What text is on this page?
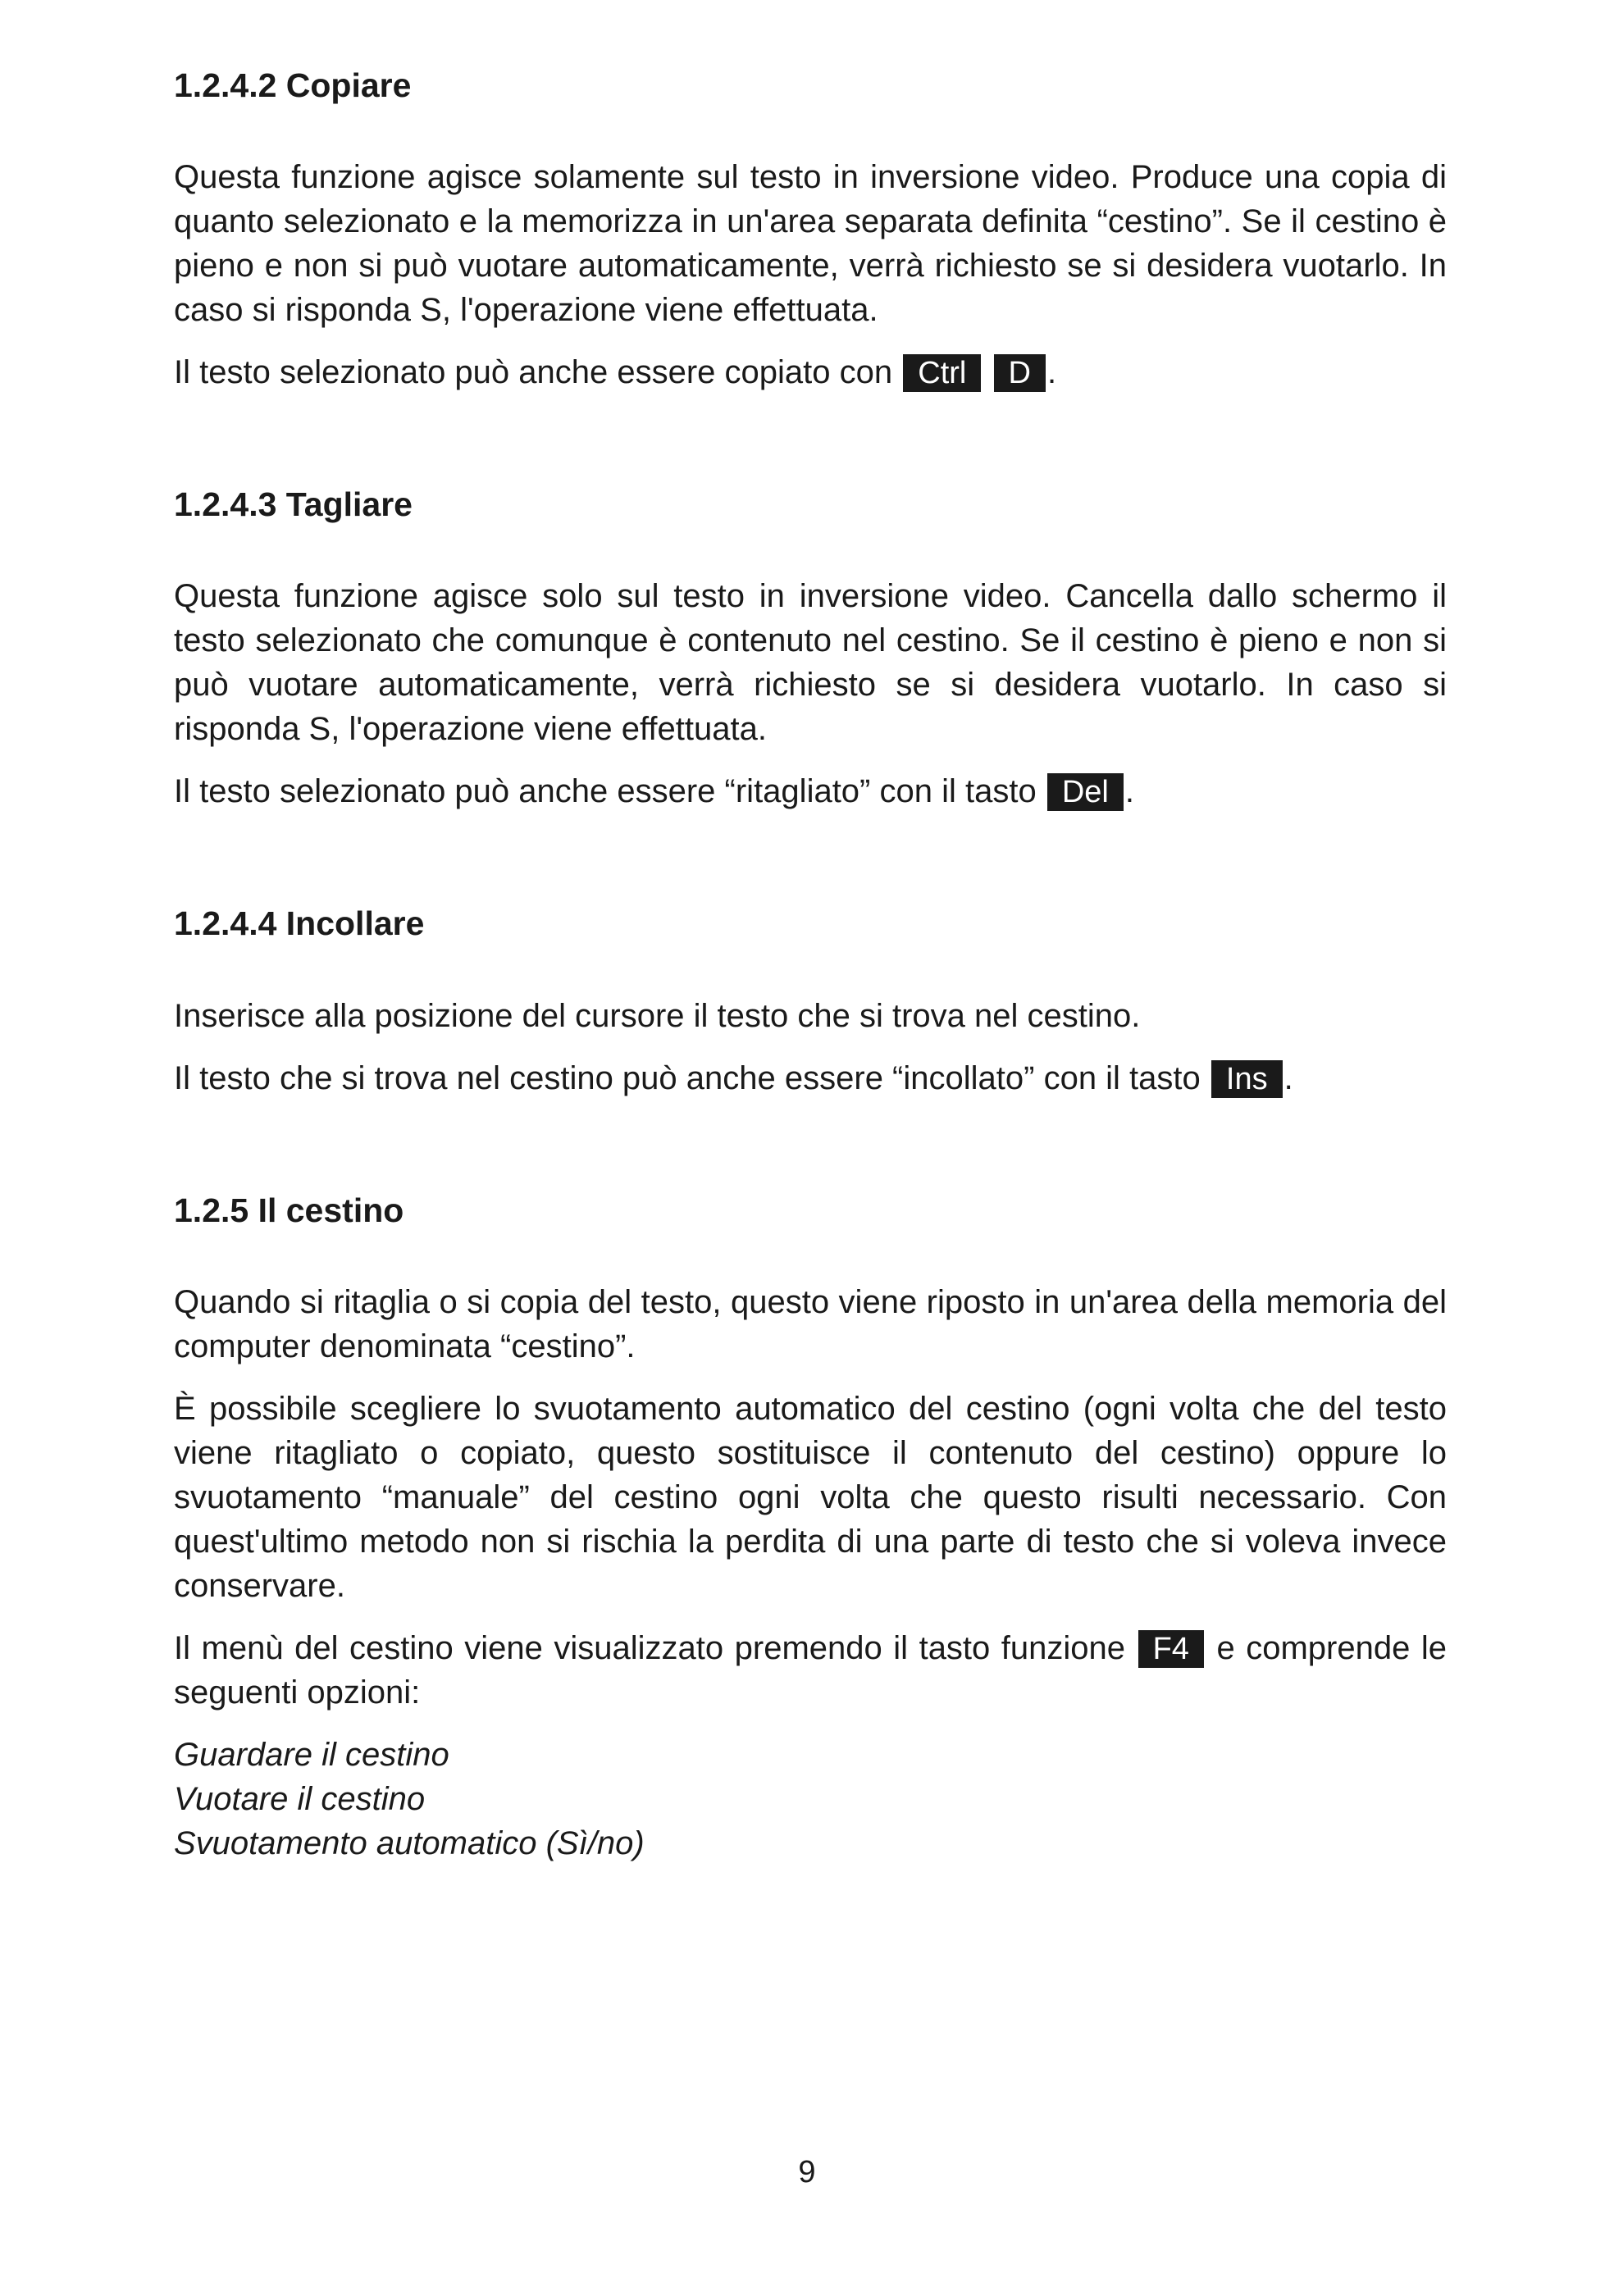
1.2.4.2 Copiare

Questa funzione agisce solamente sul testo in inversione video. Produce una copia di quanto selezionato e la memorizza in un'area separata definita “cestino”. Se il cestino è pieno e non si può vuotare automaticamente, verrà richiesto se si desidera vuotarlo. In caso si risponda S, l'operazione viene effettuata.

Il testo selezionato può anche essere copiato con Ctrl D .

1.2.4.3 Tagliare

Questa funzione agisce solo sul testo in inversione video. Cancella dallo schermo il testo selezionato che comunque è contenuto nel cestino. Se il cestino è pieno e non si può vuotare automaticamente, verrà richiesto se si desidera vuotarlo. In caso si risponda S, l'operazione viene effettuata.

Il testo selezionato può anche essere “ritagliato” con il tasto Del .

1.2.4.4 Incollare

Inserisce alla posizione del cursore il testo che si trova nel cestino.

Il testo che si trova nel cestino può anche essere “incollato” con il tasto Ins .

1.2.5 Il cestino

Quando si ritaglia o si copia del testo, questo viene riposto in un'area della memoria del computer denominata “cestino”.

È possibile scegliere lo svuotamento automatico del cestino (ogni volta che del testo viene ritagliato o copiato, questo sostituisce il contenuto del cestino) oppure lo svuotamento “manuale” del cestino ogni volta che questo risulti necessario. Con quest'ultimo metodo non si rischia la perdita di una parte di testo che si voleva invece conservare.

Il menù del cestino viene visualizzato premendo il tasto funzione F4 e comprende le seguenti opzioni:

Guardare il cestino

Vuotare il cestino

Svuotamento automatico (Sì/no)

9
